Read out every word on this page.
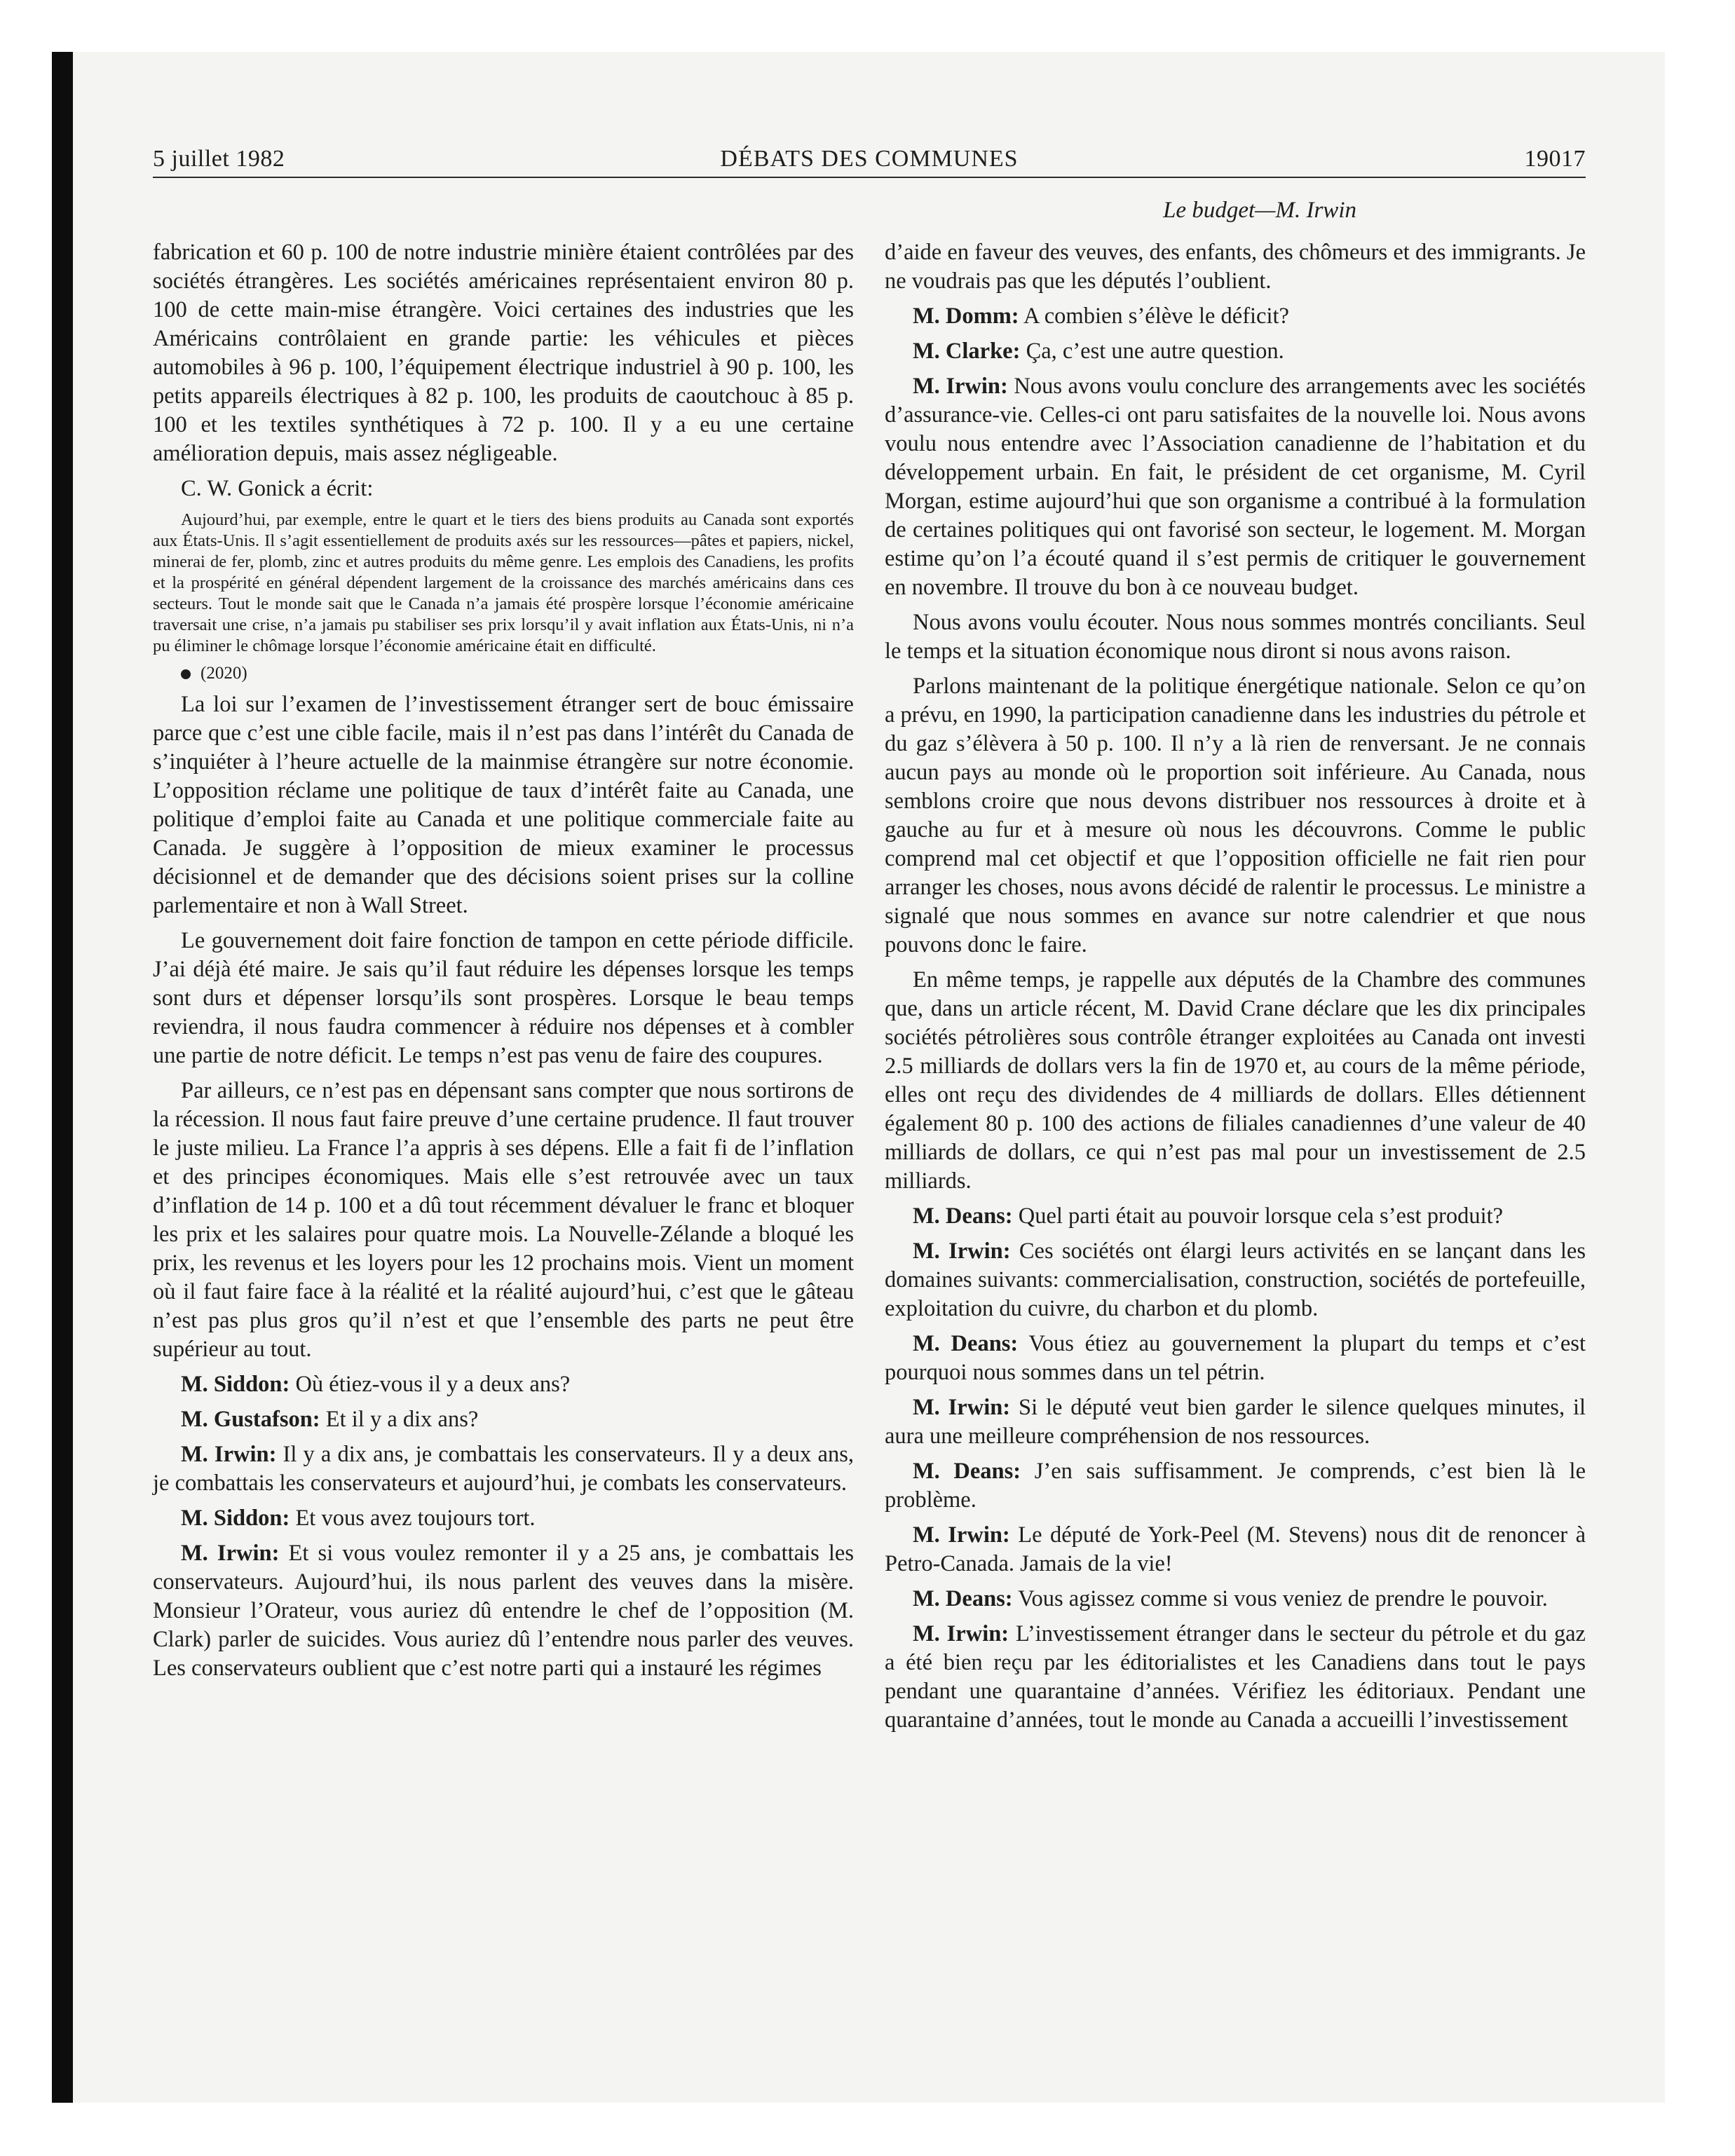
5 juillet 1982	DÉBATS DES COMMUNES	19017
Le budget—M. Irwin

fabrication et 60 p. 100 de notre industrie minière étaient contrôlées par des sociétés étrangères. Les sociétés américaines représentaient environ 80 p. 100 de cette main-mise étrangère. Voici certaines des industries que les Américains contrôlaient en grande partie: les véhicules et pièces automobiles à 96 p. 100, l’équipement électrique industriel à 90 p. 100, les petits appareils électriques à 82 p. 100, les produits de caoutchouc à 85 p. 100 et les textiles synthétiques à 72 p. 100. Il y a eu une certaine amélioration depuis, mais assez négligeable.

C. W. Gonick a écrit:

Aujourd’hui, par exemple, entre le quart et le tiers des biens produits au Canada sont exportés aux États-Unis. Il s’agit essentiellement de produits axés sur les ressources—pâtes et papiers, nickel, minerai de fer, plomb, zinc et autres produits du même genre. Les emplois des Canadiens, les profits et la prospérité en général dépendent largement de la croissance des marchés américains dans ces secteurs. Tout le monde sait que le Canada n’a jamais été prospère lorsque l’économie américaine traversait une crise, n’a jamais pu stabiliser ses prix lorsqu’il y avait inflation aux États-Unis, ni n’a pu éliminer le chômage lorsque l’économie américaine était en difficulté.

(2020)

La loi sur l’examen de l’investissement étranger sert de bouc émissaire parce que c’est une cible facile, mais il n’est pas dans l’intérêt du Canada de s’inquiéter à l’heure actuelle de la mainmise étrangère sur notre économie. L’opposition réclame une politique de taux d’intérêt faite au Canada, une politique d’emploi faite au Canada et une politique commerciale faite au Canada. Je suggère à l’opposition de mieux examiner le processus décisionnel et de demander que des décisions soient prises sur la colline parlementaire et non à Wall Street.

Le gouvernement doit faire fonction de tampon en cette période difficile. J’ai déjà été maire. Je sais qu’il faut réduire les dépenses lorsque les temps sont durs et dépenser lorsqu’ils sont prospères. Lorsque le beau temps reviendra, il nous faudra commencer à réduire nos dépenses et à combler une partie de notre déficit. Le temps n’est pas venu de faire des coupures.

Par ailleurs, ce n’est pas en dépensant sans compter que nous sortirons de la récession. Il nous faut faire preuve d’une certaine prudence. Il faut trouver le juste milieu. La France l’a appris à ses dépens. Elle a fait fi de l’inflation et des principes économiques. Mais elle s’est retrouvée avec un taux d’inflation de 14 p. 100 et a dû tout récemment dévaluer le franc et bloquer les prix et les salaires pour quatre mois. La Nouvelle-Zélande a bloqué les prix, les revenus et les loyers pour les 12 prochains mois. Vient un moment où il faut faire face à la réalité et la réalité aujourd’hui, c’est que le gâteau n’est pas plus gros qu’il n’est et que l’ensemble des parts ne peut être supérieur au tout.

M. Siddon: Où étiez-vous il y a deux ans?

M. Gustafson: Et il y a dix ans?

M. Irwin: Il y a dix ans, je combattais les conservateurs. Il y a deux ans, je combattais les conservateurs et aujourd’hui, je combats les conservateurs.

M. Siddon: Et vous avez toujours tort.

M. Irwin: Et si vous voulez remonter il y a 25 ans, je combattais les conservateurs. Aujourd’hui, ils nous parlent des veuves dans la misère. Monsieur l’Orateur, vous auriez dû entendre le chef de l’opposition (M. Clark) parler de suicides. Vous auriez dû l’entendre nous parler des veuves. Les conservateurs oublient que c’est notre parti qui a instauré les régimes

d’aide en faveur des veuves, des enfants, des chômeurs et des immigrants. Je ne voudrais pas que les députés l’oublient.

M. Domm: A combien s’élève le déficit?

M. Clarke: Ça, c’est une autre question.

M. Irwin: Nous avons voulu conclure des arrangements avec les sociétés d’assurance-vie. Celles-ci ont paru satisfaites de la nouvelle loi. Nous avons voulu nous entendre avec l’Association canadienne de l’habitation et du développement urbain. En fait, le président de cet organisme, M. Cyril Morgan, estime aujourd’hui que son organisme a contribué à la formulation de certaines politiques qui ont favorisé son secteur, le logement. M. Morgan estime qu’on l’a écouté quand il s’est permis de critiquer le gouvernement en novembre. Il trouve du bon à ce nouveau budget.

Nous avons voulu écouter. Nous nous sommes montrés conciliants. Seul le temps et la situation économique nous diront si nous avons raison.

Parlons maintenant de la politique énergétique nationale. Selon ce qu’on a prévu, en 1990, la participation canadienne dans les industries du pétrole et du gaz s’élèvera à 50 p. 100. Il n’y a là rien de renversant. Je ne connais aucun pays au monde où le proportion soit inférieure. Au Canada, nous semblons croire que nous devons distribuer nos ressources à droite et à gauche au fur et à mesure où nous les découvrons. Comme le public comprend mal cet objectif et que l’opposition officielle ne fait rien pour arranger les choses, nous avons décidé de ralentir le processus. Le ministre a signalé que nous sommes en avance sur notre calendrier et que nous pouvons donc le faire.

En même temps, je rappelle aux députés de la Chambre des communes que, dans un article récent, M. David Crane déclare que les dix principales sociétés pétrolières sous contrôle étranger exploitées au Canada ont investi 2.5 milliards de dollars vers la fin de 1970 et, au cours de la même période, elles ont reçu des dividendes de 4 milliards de dollars. Elles détiennent également 80 p. 100 des actions de filiales canadiennes d’une valeur de 40 milliards de dollars, ce qui n’est pas mal pour un investissement de 2.5 milliards.

M. Deans: Quel parti était au pouvoir lorsque cela s’est produit?

M. Irwin: Ces sociétés ont élargi leurs activités en se lançant dans les domaines suivants: commercialisation, construction, sociétés de portefeuille, exploitation du cuivre, du charbon et du plomb.

M. Deans: Vous étiez au gouvernement la plupart du temps et c’est pourquoi nous sommes dans un tel pétrin.

M. Irwin: Si le député veut bien garder le silence quelques minutes, il aura une meilleure compréhension de nos ressources.

M. Deans: J’en sais suffisamment. Je comprends, c’est bien là le problème.

M. Irwin: Le député de York-Peel (M. Stevens) nous dit de renoncer à Petro-Canada. Jamais de la vie!

M. Deans: Vous agissez comme si vous veniez de prendre le pouvoir.

M. Irwin: L’investissement étranger dans le secteur du pétrole et du gaz a été bien reçu par les éditorialistes et les Canadiens dans tout le pays pendant une quarantaine d’années. Vérifiez les éditoriaux. Pendant une quarantaine d’années, tout le monde au Canada a accueilli l’investissement
